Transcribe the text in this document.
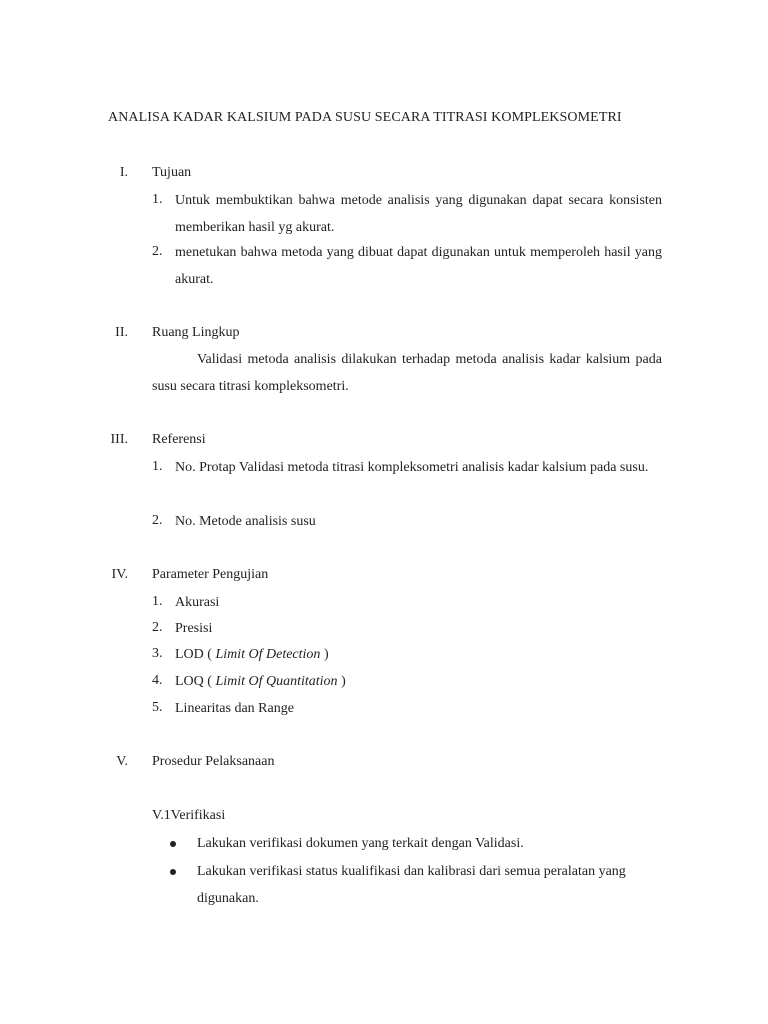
ANALISA KADAR KALSIUM PADA SUSU SECARA TITRASI KOMPLEKSOMETRI
I. Tujuan
1. Untuk membuktikan bahwa metode analisis yang digunakan dapat secara konsisten memberikan hasil yg akurat.
2. menetukan bahwa metoda yang dibuat dapat digunakan untuk memperoleh hasil yang akurat.
II. Ruang Lingkup
Validasi metoda analisis dilakukan terhadap metoda analisis kadar kalsium pada susu secara titrasi kompleksometri.
III. Referensi
1. No. Protap Validasi metoda titrasi kompleksometri analisis kadar kalsium pada susu.
2. No. Metode analisis susu
IV. Parameter Pengujian
1. Akurasi
2. Presisi
3. LOD ( Limit Of Detection )
4. LOQ ( Limit Of Quantitation )
5. Linearitas dan Range
V. Prosedur Pelaksanaan
V.1Verifikasi
Lakukan verifikasi dokumen yang terkait dengan Validasi.
Lakukan verifikasi status kualifikasi dan kalibrasi dari semua peralatan yang digunakan.
